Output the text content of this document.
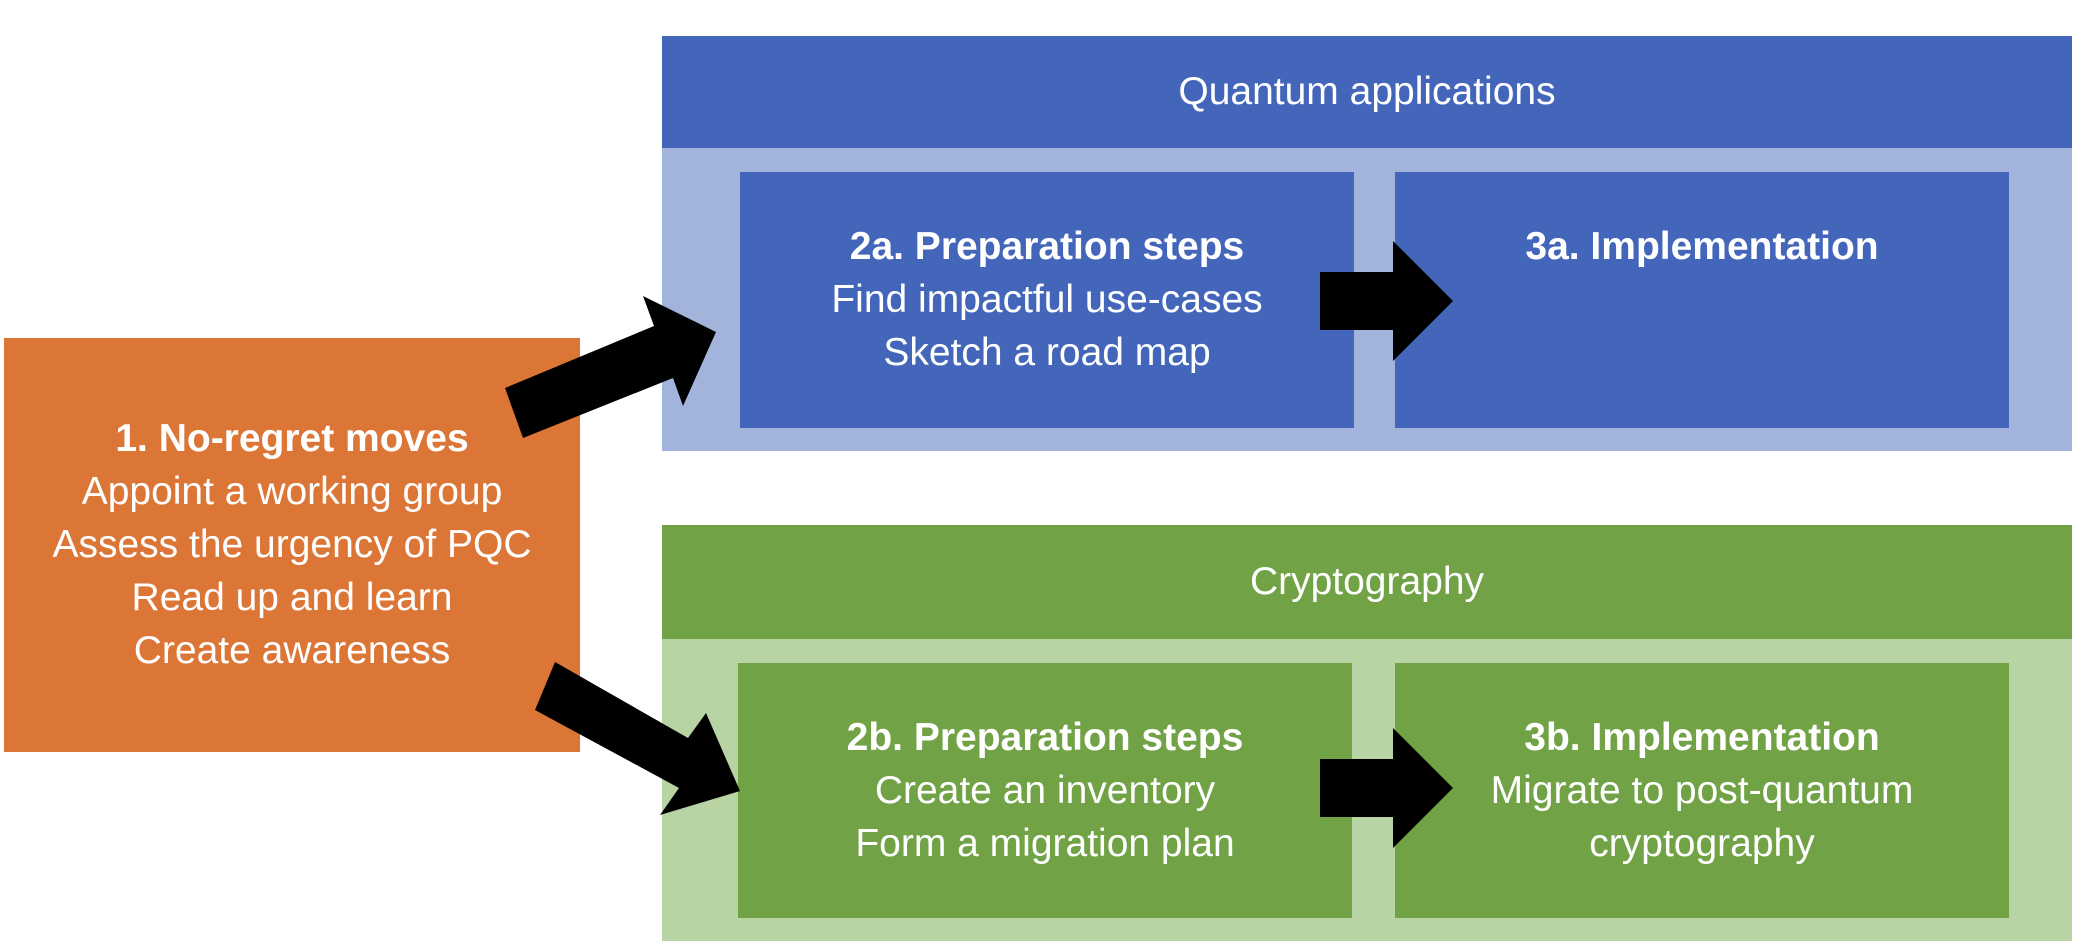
Quantum applications
2a. Preparation steps
Find impactful use-cases
Sketch a road map
3a. Implementation
Cryptography
2b. Preparation steps
Create an inventory
Form a migration plan
3b. Implementation
Migrate to post-quantum
cryptography
1. No-regret moves
Appoint a working group
Assess the urgency of PQC
Read up and learn
Create awareness
